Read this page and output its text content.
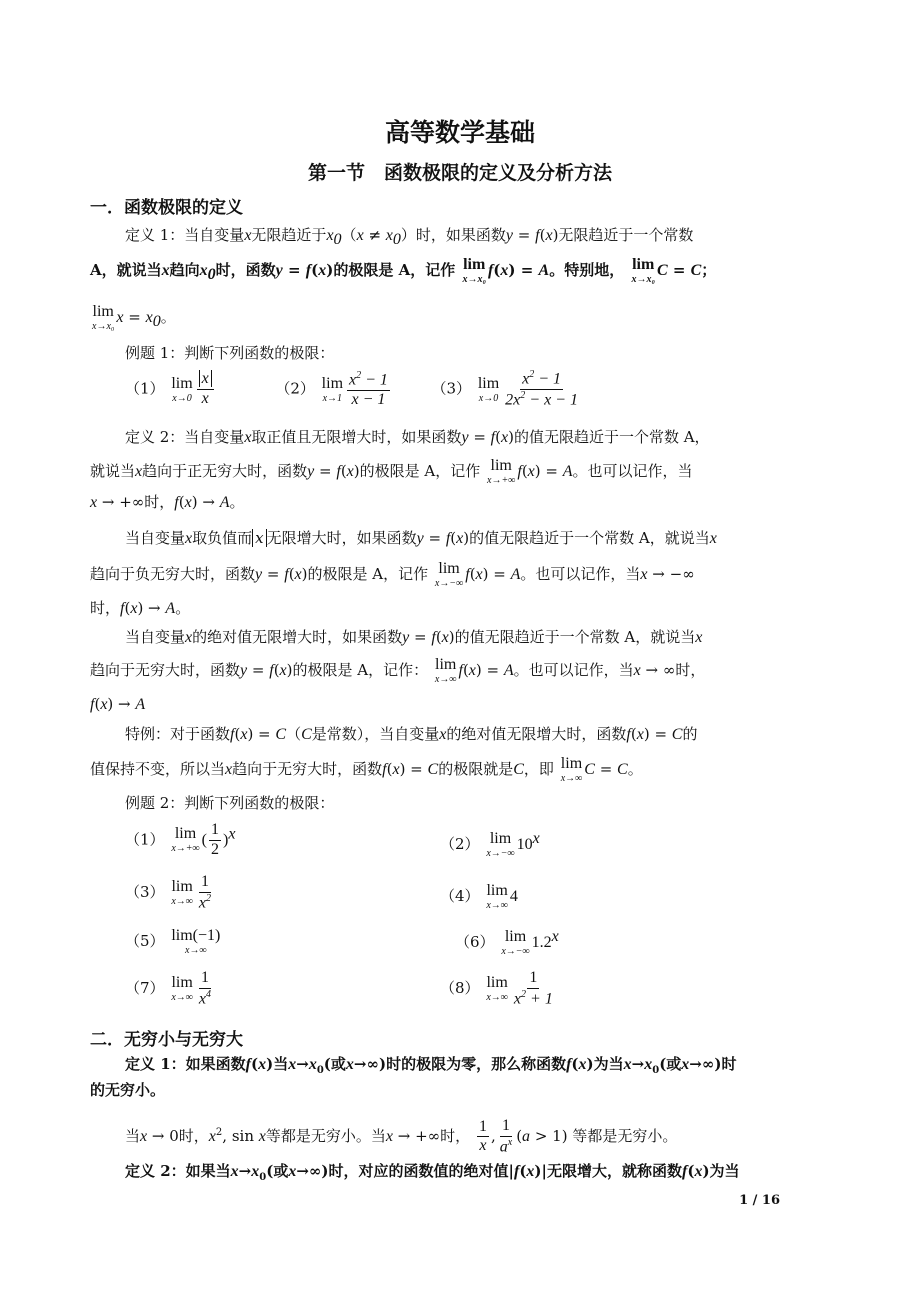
高等数学基础
第一节　函数极限的定义及分析方法
一．函数极限的定义
定义 1：当自变量x无限趋近于$x_0(x \ne x_0)$时，如果函数y = f(x)无限趋近于一个常数
A，就说当x趋向$x_0$时，函数y = f(x)的极限是 A，记作 lim
x→x₀
f(x) = A。特别地， lim
x→x₀
C = C；
lim
x→x₀
$x = x_0$。
例题 1：判断下列函数的极限：
（1） lim
$x\to 0 \frac{x}{x}$	（2） lim
$x\to 1 \frac{x^2 - 1}{x - 1}$	（3） lim
$x\to 0 \frac{x^2 - 1}{2x^2 - x - 1}$
定义 2：当自变量x取正值且无限增大时，如果函数y = f(x)的值无限趋近于一个常数 A，
就说当x趋向于正无穷大时，函数y = f(x)的极限是 A，记作 lim
x→+∞
f(x) = A。也可以记作，当
x → +∞时，f(x) → A。
当自变量x取负值而 x 无限增大时，如果函数y = f(x)的值无限趋近于一个常数 A，就说当x
趋向于负无穷大时，函数y = f(x)的极限是 A，记作 lim
x→−∞
f(x) = A。也可以记作，当x → −∞
时，f(x) → A。
当自变量x的绝对值无限增大时，如果函数y = f(x)的值无限趋近于一个常数 A，就说当x
趋向于无穷大时，函数y = f(x)的极限是 A，记作： lim
x→∞
f(x) = A。也可以记作，当x → ∞时，
f(x) → A
特例：对于函数f(x) = C（C是常数），当自变量x的绝对值无限增大时，函数f(x) = C的
值保持不变，所以当x趋向于无穷大时，函数f(x) = C的极限就是C，即 lim
x→∞
C = C。
例题 2：判断下列函数的极限：
（1） lim
x→+∞
( $\frac{1}{2} )^x$
（2） lim
x→−∞
10$^x$
（3） lim
$x\to\infty \frac{1}{x^2}$	（4） lim
x→∞
4
（5） lim(−1)
x→∞	（6） lim
x→−∞
1.2$^x$
（7） lim
$x\to\infty \frac{1}{x^4}$	（8） lim
$x\to\infty \frac{1}{x^2 + 1}$
二．无穷小与无穷大
定义 1：如果函数f(x)当$x\to x_0$(或x→∞)时的极限为零，那么称函数f(x)为当$x\to x_0$(或x→∞)时
的无穷小。
当x → 0时，$x^2$, sin x等都是无穷小。当x → +∞时， $\frac{1}{x}$ , $\frac{1}{a^x} (a > 1)$ 等都是无穷小。
定义 2：如果当$x\to x_0$(或x→∞)时，对应的函数值的绝对值|f(x)|无限增大，就称函数f(x)为当
1 / 16
